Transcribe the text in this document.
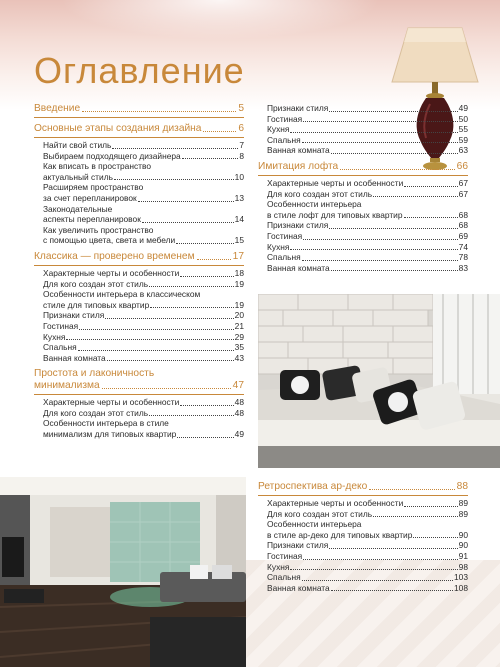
Оглавление
Введение	5
Основные этапы создания дизайна	6
Найти свой стиль	7
Выбираем подходящего дизайнера	8
Как вписать в пространство
актуальный стиль	10
Расширяем пространство
за счет перепланировок	13
Законодательные
аспекты перепланировок	14
Как увеличить пространство
с помощью цвета, света и мебели	15
Классика — проверено временем	17
Характерные черты и особенности	18
Для кого создан этот стиль	19
Особенности интерьера в классическом
стиле для типовых квартир	19
Признаки стиля	20
Гостиная	21
Кухня	29
Спальня	35
Ванная комната	43
Простота и лаконичность
минимализма	47
Характерные черты и особенности	48
Для кого создан этот стиль	48
Особенности интерьера в стиле
минимализм для типовых квартир	49
Признаки стиля	49
Гостиная	50
Кухня	55
Спальня	59
Ванная комната	63
Имитация лофта	66
Характерные черты и особенности	67
Для кого создан этот стиль	67
Особенности интерьера
в стиле лофт для типовых квартир	68
Признаки стиля	68
Гостиная	69
Кухня	74
Спальня	78
Ванная комната	83
Ретроспектива ар-деко	88
Характерные черты и особенности	89
Для кого создан этот стиль	89
Особенности интерьера
в стиле ар-деко для типовых квартир	90
Признаки стиля	90
Гостиная	91
Кухня	98
Спальня	103
Ванная комната	108
